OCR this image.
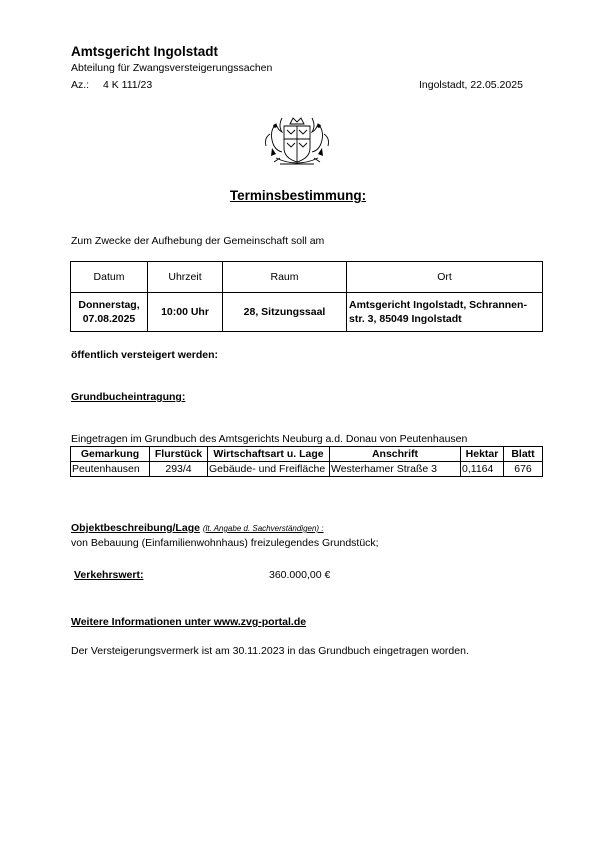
Amtsgericht Ingolstadt
Abteilung für Zwangsversteigerungssachen
Az.: 4 K 111/23	Ingolstadt, 22.05.2025
Terminsbestimmung:
Zum Zwecke der Aufhebung der Gemeinschaft soll am
Datum	Uhrzeit	Raum	Ort
Donnerstag,
07.08.2025	10:00 Uhr	28, Sitzungssaal	Amtsgericht Ingolstadt, Schrannen-
str. 3, 85049 Ingolstadt
öffentlich versteigert werden:
Grundbucheintragung:
Eingetragen im Grundbuch des Amtsgerichts Neuburg a.d. Donau von Peutenhausen
Gemarkung	Flurstück	Wirtschaftsart u. Lage	Anschrift	Hektar	Blatt
Peutenhausen	293/4	Gebäude- und Freifläche	Westerhamer Straße 3	0,1164	676
Objektbeschreibung/Lage (lt. Angabe d. Sachverständigen) :
von Bebauung (Einfamilienwohnhaus) freizulegendes Grundstück;
Verkehrswert:	360.000,00 €
Weitere Informationen unter www.zvg-portal.de
Der Versteigerungsvermerk ist am 30.11.2023 in das Grundbuch eingetragen worden.
